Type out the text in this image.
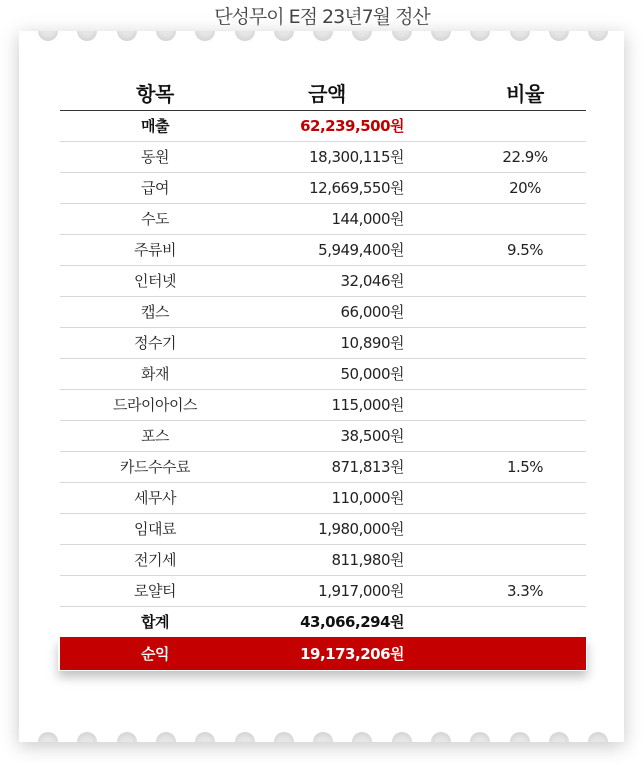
단성무이 E점 23년7월 정산
항목	금액	비율
매출	62,239,500원	
동원	18,300,115원	22.9%
급여	12,669,550원	20%
수도	144,000원	
주류비	5,949,400원	9.5%
인터넷	32,046원	
캡스	66,000원	
정수기	10,890원	
화재	50,000원	
드라이아이스	115,000원	
포스	38,500원	
카드수수료	871,813원	1.5%
세무사	110,000원	
임대료	1,980,000원	
전기세	811,980원	
로얄티	1,917,000원	3.3%
합계	43,066,294원	
순익	19,173,206원	
